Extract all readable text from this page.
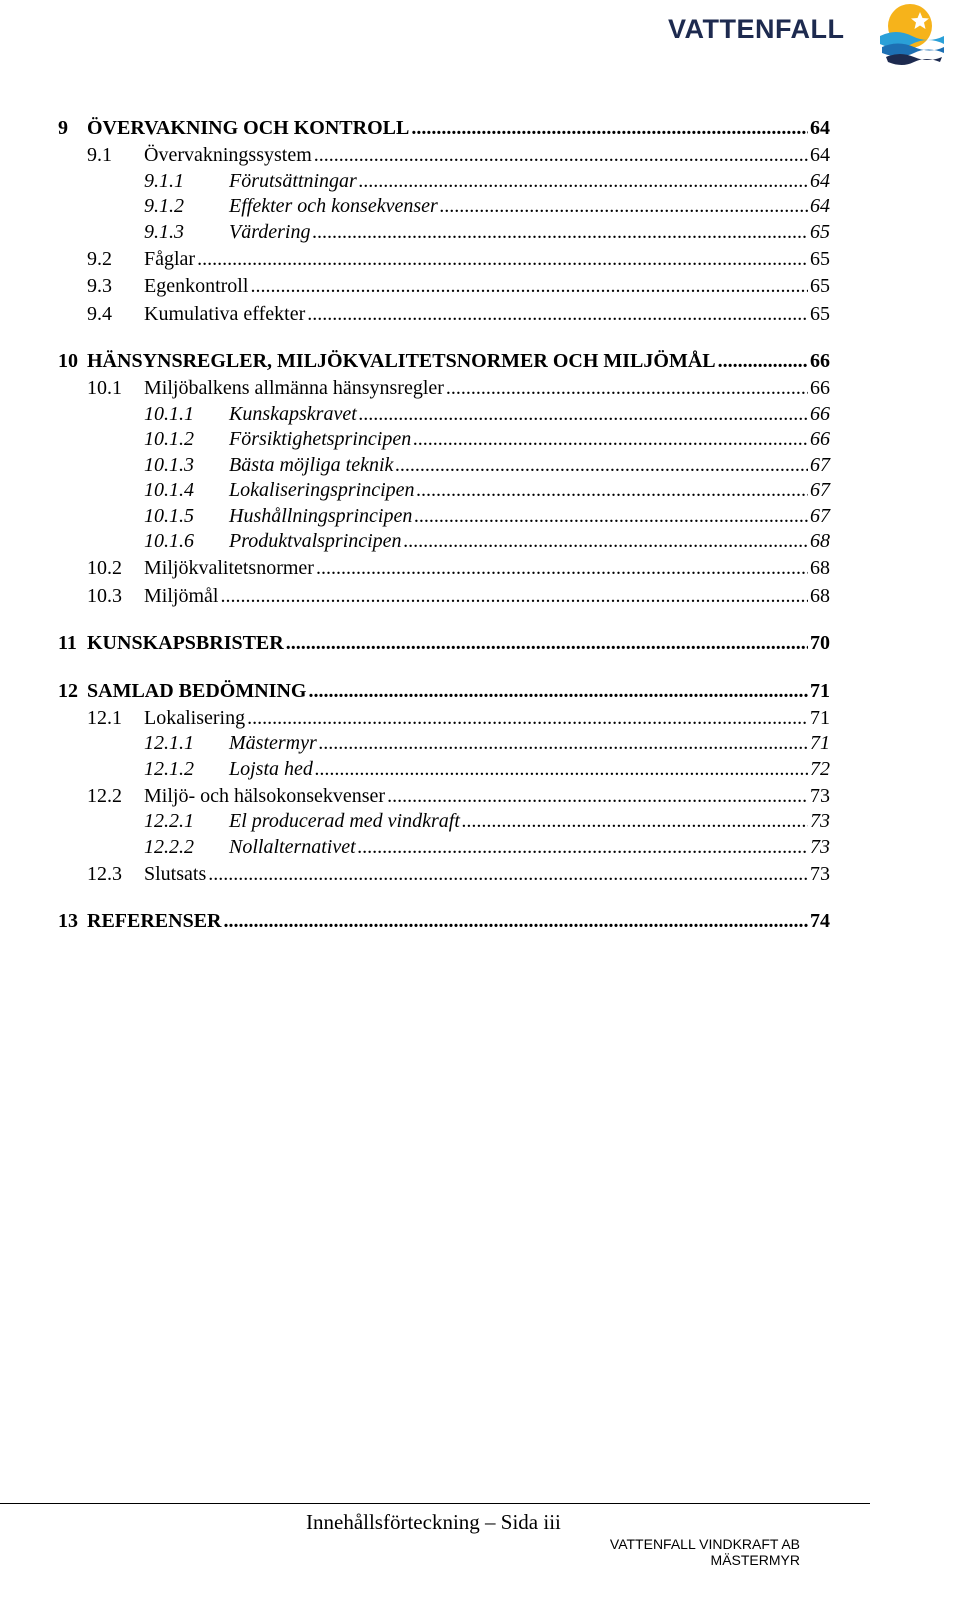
VATTENFALL
9 ÖVERVAKNING OCH KONTROLL .....	64
9.1	Övervakningssystem .....	64
9.1.1	Förutsättningar .....	64
9.1.2	Effekter och konsekvenser .....	64
9.1.3	Värdering .....	65
9.2	Fåglar .....	65
9.3	Egenkontroll .....	65
9.4	Kumulativa effekter .....	65
10 HÄNSYNSREGLER, MILJÖKVALITETSNORMER OCH MILJÖMÅL .....	66
10.1	Miljöbalkens allmänna hänsynsregler .....	66
10.1.1	Kunskapskravet .....	66
10.1.2	Försiktighetsprincipen .....	66
10.1.3	Bästa möjliga teknik .....	67
10.1.4	Lokaliseringsprincipen .....	67
10.1.5	Hushållningsprincipen .....	67
10.1.6	Produktvalsprincipen .....	68
10.2	Miljökvalitetsnormer .....	68
10.3	Miljömål .....	68
11 KUNSKAPSBRISTER .....	70
12 SAMLAD BEDÖMNING .....	71
12.1	Lokalisering .....	71
12.1.1	Mästermyr .....	71
12.1.2	Lojsta hed .....	72
12.2	Miljö- och hälsokonsekvenser .....	73
12.2.1	El producerad med vindkraft .....	73
12.2.2	Nollalternativet .....	73
12.3	Slutsats .....	73
13 REFERENSER .....	74
Innehållsförteckning – Sida iii
VATTENFALL VINDKRAFT AB
MÄSTERMYR
